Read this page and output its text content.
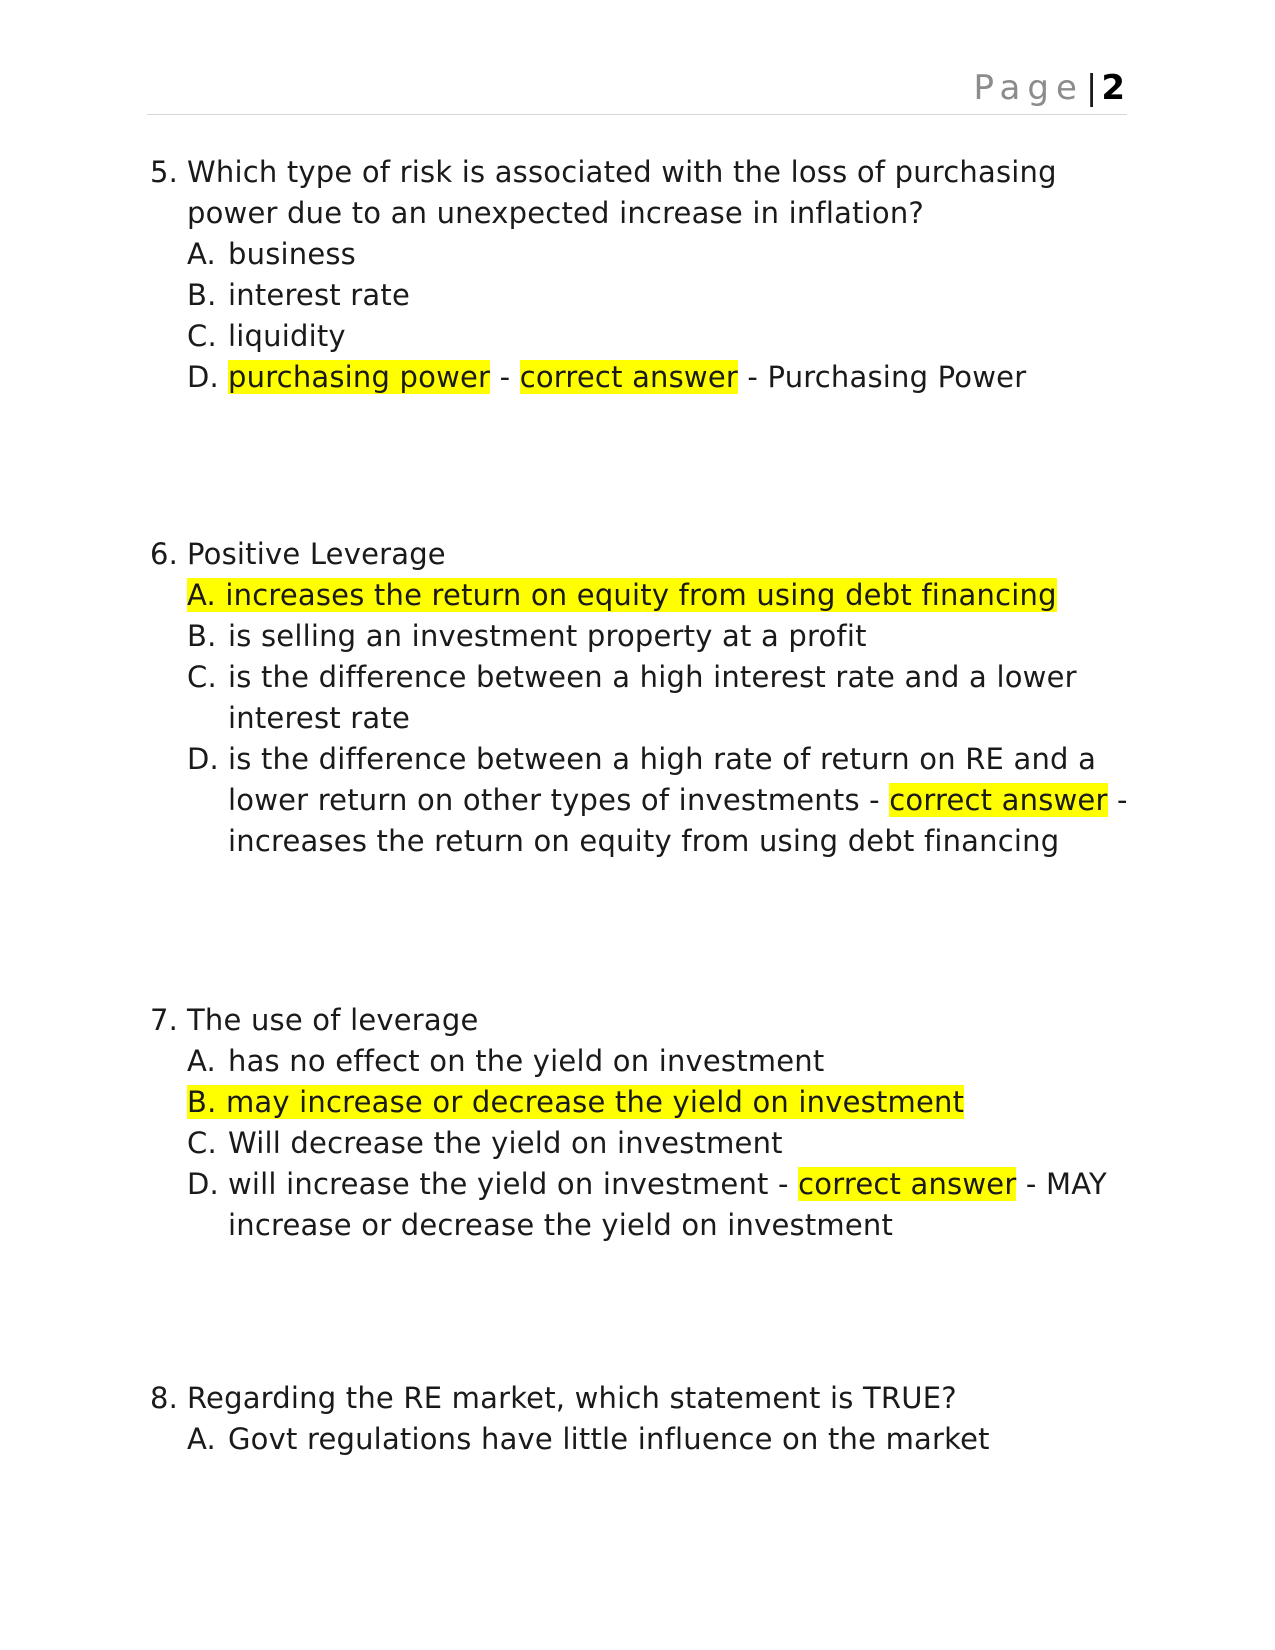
Page| 2
5. Which type of risk is associated with the loss of purchasing power due to an unexpected increase in inflation?
A. business
B. interest rate
C. liquidity
D. purchasing power - correct answer - Purchasing Power
6. Positive Leverage
A. increases the return on equity from using debt financing
B. is selling an investment property at a profit
C. is the difference between a high interest rate and a lower interest rate
D. is the difference between a high rate of return on RE and a lower return on other types of investments - correct answer - increases the return on equity from using debt financing
7. The use of leverage
A. has no effect on the yield on investment
B. may increase or decrease the yield on investment
C. Will decrease the yield on investment
D. will increase the yield on investment - correct answer - MAY increase or decrease the yield on investment
8. Regarding the RE market, which statement is TRUE?
A. Govt regulations have little influence on the market
